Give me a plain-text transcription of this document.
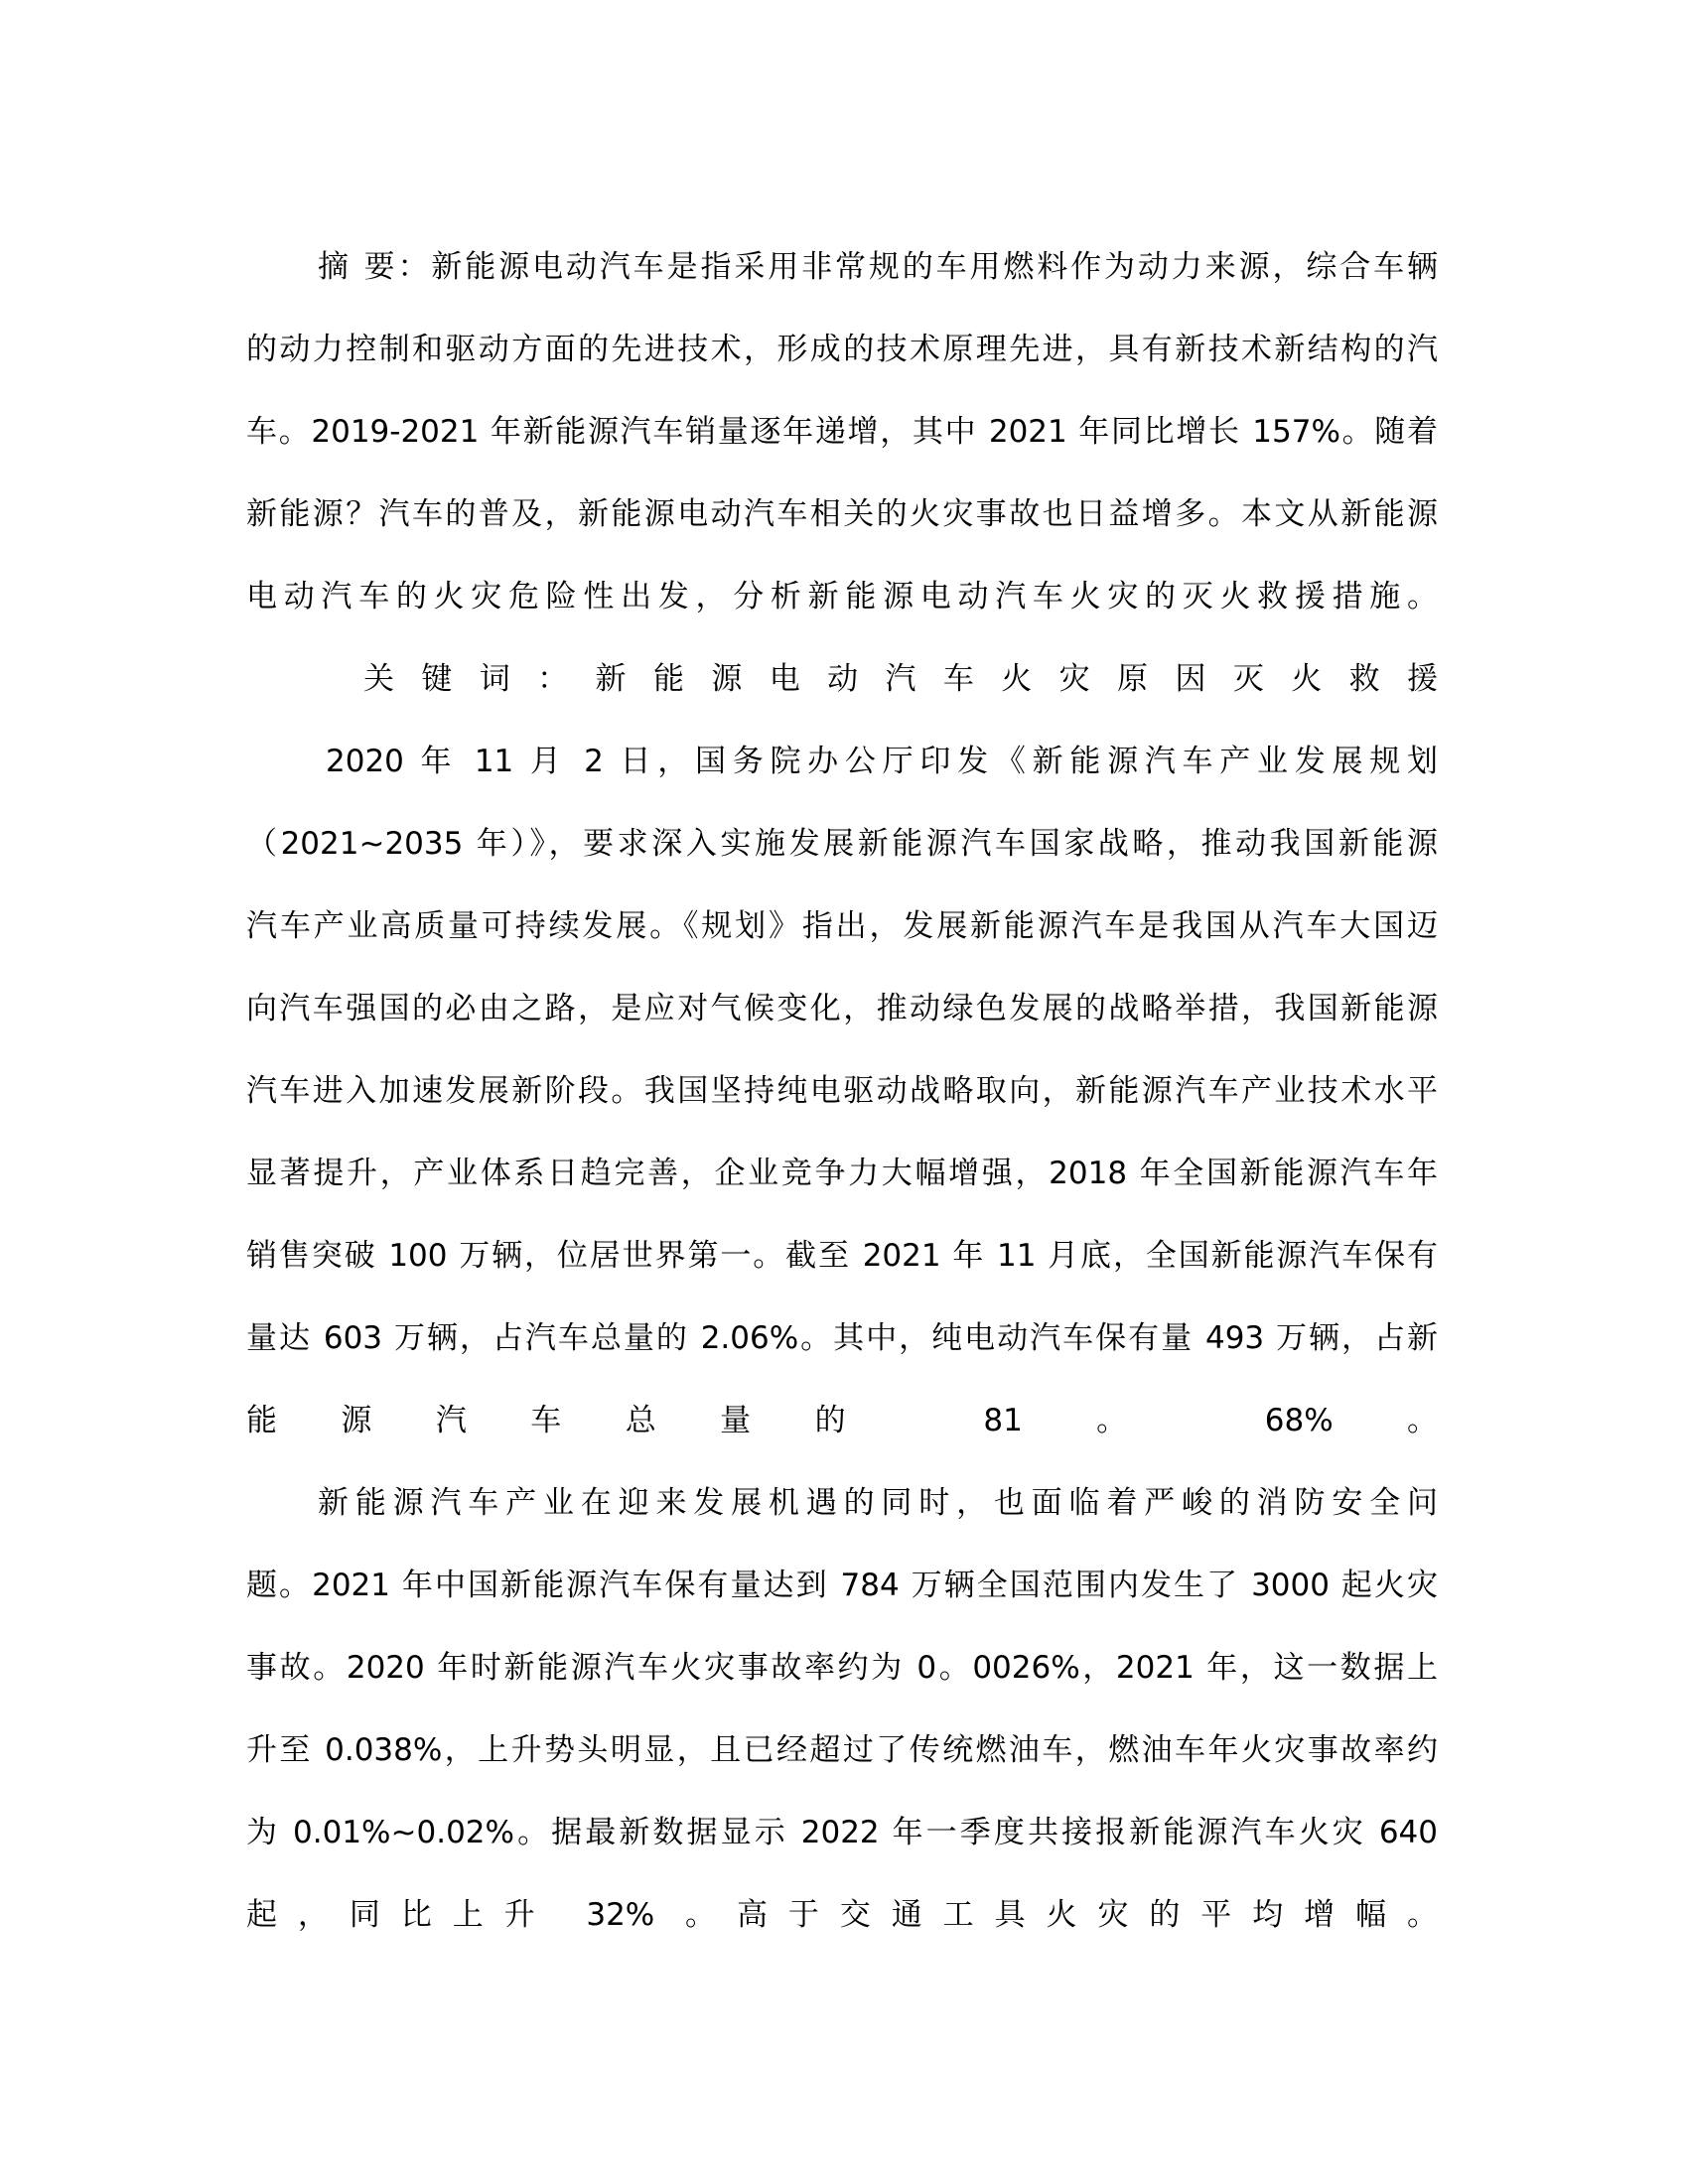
摘 要：新能源电动汽车是指采用非常规的车用燃料作为动力来源，综合车辆
的动力控制和驱动方面的先进技术，形成的技术原理先进，具有新技术新结构的汽
车。2019-2021 年新能源汽车销量逐年递增，其中 2021 年同比增长 157%。随着
新能源？汽车的普及，新能源电动汽车相关的火灾事故也日益增多。本文从新能源
电动汽车的火灾危险性出发，分析新能源电动汽车火灾的灭火救援措施。
关键词：新能源电动汽车火灾原因灭火救援
2020 年 11 月 2 日，国务院办公厅印发《新能源汽车产业发展规划
（2021~2035 年）》，要求深入实施发展新能源汽车国家战略，推动我国新能源
汽车产业高质量可持续发展。《规划》指出，发展新能源汽车是我国从汽车大国迈
向汽车强国的必由之路，是应对气候变化，推动绿色发展的战略举措，我国新能源
汽车进入加速发展新阶段。我国坚持纯电驱动战略取向，新能源汽车产业技术水平
显著提升，产业体系日趋完善，企业竞争力大幅增强，2018 年全国新能源汽车年
销售突破 100 万辆，位居世界第一。截至 2021 年 11 月底，全国新能源汽车保有
量达 603 万辆，占汽车总量的 2.06%。其中，纯电动汽车保有量 493 万辆，占新
能源汽车总量的 81 。 68% 。
新能源汽车产业在迎来发展机遇的同时，也面临着严峻的消防安全问
题。2021 年中国新能源汽车保有量达到 784 万辆全国范围内发生了 3000 起火灾
事故。2020 年时新能源汽车火灾事故率约为 0。0026%，2021 年，这一数据上
升至 0.038%，上升势头明显，且已经超过了传统燃油车，燃油车年火灾事故率约
为 0.01%~0.02%。据最新数据显示 2022 年一季度共接报新能源汽车火灾 640
起，同比上升 32% 。高于交通工具火灾的平均增幅。
